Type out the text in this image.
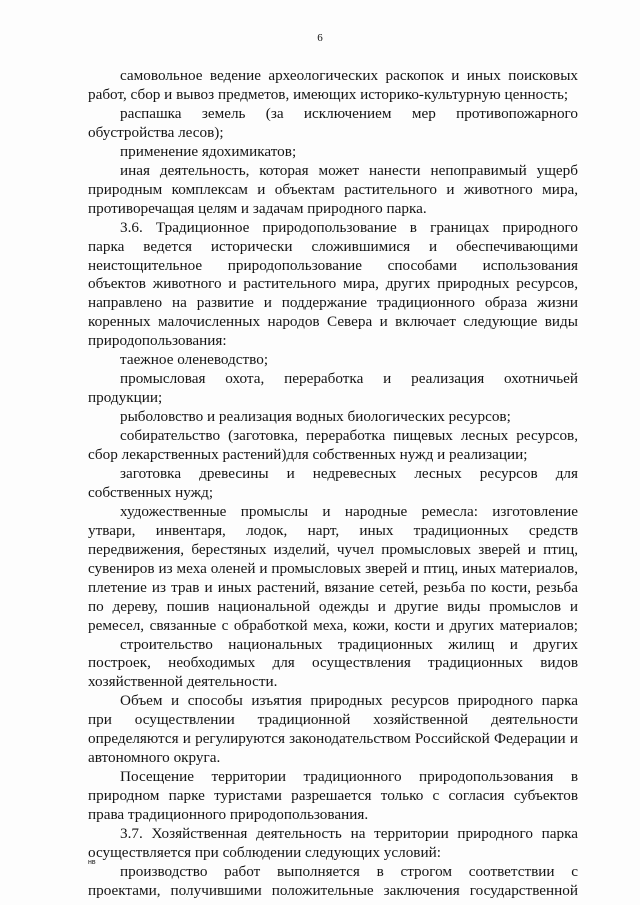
6
самовольное ведение археологических раскопок и иных поисковых
работ, сбор и вывоз предметов, имеющих историко-культурную ценность;
распашка земель (за исключением мер противопожарного
обустройства лесов);
применение ядохимикатов;
иная деятельность, которая может нанести непоправимый ущерб
природным комплексам и объектам растительного и животного мира,
противоречащая целям и задачам природного парка.
3.6. Традиционное природопользование в границах природного
парка ведется исторически сложившимися и обеспечивающими
неистощительное природопользование способами использования
объектов животного и растительного мира, других природных ресурсов,
направлено на развитие и поддержание традиционного образа жизни
коренных малочисленных народов Севера и включает следующие виды
природопользования:
таежное оленеводство;
промысловая охота, переработка и реализация охотничьей
продукции;
рыболовство и реализация водных биологических ресурсов;
собирательство (заготовка, переработка пищевых лесных ресурсов,
сбор лекарственных растений)для собственных нужд и реализации;
заготовка древесины и недревесных лесных ресурсов для
собственных нужд;
художественные промыслы и народные ремесла: изготовление
утвари, инвентаря, лодок, нарт, иных традиционных средств
передвижения, берестяных изделий, чучел промысловых зверей и птиц,
сувениров из меха оленей и промысловых зверей и птиц, иных материалов,
плетение из трав и иных растений, вязание сетей, резьба по кости, резьба
по дереву, пошив национальной одежды и другие виды промыслов и
ремесел, связанные с обработкой меха, кожи, кости и других материалов;
строительство национальных традиционных жилищ и других
построек, необходимых для осуществления традиционных видов
хозяйственной деятельности.
Объем и способы изъятия природных ресурсов природного парка
при осуществлении традиционной хозяйственной деятельности
определяются и регулируются законодательством Российской Федерации и
автономного округа.
Посещение территории традиционного природопользования в
природном парке туристами разрешается только с согласия субъектов
права традиционного природопользования.
3.7. Хозяйственная деятельность на территории природного парка
осуществляется при соблюдении следующих условий:
производство работ выполняется в строгом соответствии с
проектами, получившими положительные заключения государственной
нв
